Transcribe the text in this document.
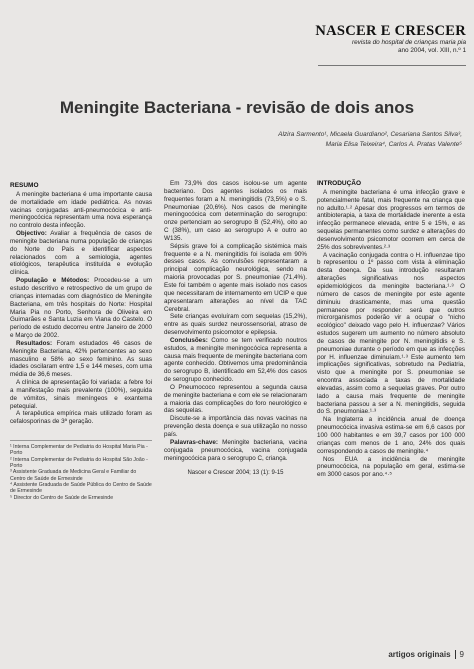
NASCER E CRESCER
revista do hospital de crianças maria pia
ano 2004, vol. XIII, n.º 1
Meningite Bacteriana - revisão de dois anos
Alzira Sarmento¹, Micaela Guardiano², Cesariana Santos Silva³,
Maria Elisa Teixeira⁴, Carlos A. Pratas Valente⁵
RESUMO

A meningite bacteriana é uma importante causa de mortalidade em idade pediátrica. As novas vacinas conjugadas anti-pneumocócica e anti-meningocócica representam uma nova esperança no controlo desta infecção.

Objectivo: Avaliar a frequência de casos de meningite bacteriana numa população de crianças do Norte do País e identificar aspectos relacionados com a semiologia, agentes etiológicos, terapêutica instituída e evolução clínica.

População e Métodos: Procedeu-se a um estudo descritivo e retrospectivo de um grupo de crianças internadas com diagnóstico de Meningite Bacteriana, em três hospitais do Norte: Hospital Maria Pia no Porto, Senhora de Oliveira em Guimarães e Santa Luzia em Viana do Castelo. O período de estudo decorreu entre Janeiro de 2000 e Março de 2002.

Resultados: Foram estudados 46 casos de Meningite Bacteriana, 42% pertencentes ao sexo masculino e 58% ao sexo feminino. As suas idades oscilaram entre 1,5 e 144 meses, com uma média de 36,6 meses.

A clínica de apresentação foi variada: a febre foi a manifestação mais prevalente (100%), seguida de vómitos, sinais meníngeos e exantema petequial.

A terapêutica empírica mais utilizado foram as cefalosporinas de 3ª geração.

¹ Interna Complementar de Pediatria do Hospital Maria Pia - Porto
² Interna Complementar de Pediatria do Hospital São João - Porto
³ Assistente Graduada de Medicina Geral e Familiar do Centro de Saúde de Ermesinde
⁴ Assistente Graduada de Saúde Pública do Centro de Saúde de Ermesinde
⁵ Director do Centro de Saúde de Ermesinde

Em 73,9% dos casos isolou-se um agente bacteriano. Dos agentes isolados os mais frequentes foram a N. meningitidis (73,5%) e o S. Pneumoniae (20,6%). Nos casos de meningite meningocócica com determinação do serogrupo: onze pertenciam ao serogrupo B (52,4%), oito ao C (38%), um caso ao serogrupo A e outro ao W135.

Sépsis grave foi a complicação sistémica mais frequente e a N. meningitidis foi isolada em 90% desses casos. As convulsões representaram a principal complicação neurológica, sendo na maioria provocadas por S. pneumoniae (71,4%). Este foi também o agente mais isolado nos casos que necessitaram de internamento em UCIP e que apresentaram alterações ao nível da TAC Cerebral.

Sete crianças evoluíram com sequelas (15,2%), entre as quais surdez neurossensorial, atraso de desenvolvimento psicomotor e epilepsia.

Conclusões: Como se tem verificado noutros estudos, a meningite meningocócica representa a causa mais frequente de meningite bacteriana com agente conhecido. Obtivemos uma predominância do serogrupo B, identificado em 52,4% dos casos de serogrupo conhecido.

O Pneumococo representou a segunda causa de meningite bacteriana e com ele se relacionaram a maioria das complicações do foro neurológico e das sequelas.

Discute-se a importância das novas vacinas na prevenção desta doença e sua utilização no nosso país.

Palavras-chave: Meningite bacteriana, vacina conjugada pneumocócica, vacina conjugada meningocócica para o serogrupo C, criança.

Nascer e Crescer 2004; 13 (1): 9-15
INTRODUÇÃO

A meningite bacteriana é uma infecção grave e potencialmente fatal, mais frequente na criança que no adulto.¹·² Apesar dos progressos em termos de antibioterapia, a taxa de mortalidade inerente a esta infecção permanece elevada, entre 5 e 15%, e as sequelas permanentes como surdez e alterações do desenvolvimento psicomotor ocorrem em cerca de 25% dos sobreviventes.²·³

A vacinação conjugada contra o H. influenzae tipo b representou o 1º passo com vista à eliminação desta doença. Da sua introdução resultaram alterações significativas nos aspectos epidemiológicos da meningite bacteriana.¹·³ O número de casos de meningite por este agente diminuiu drasticamente, mas uma questão permanece por responder: será que outros microrganismos poderão vir a ocupar o "nicho ecológico" deixado vago pelo H. influenzae? Vários estudos sugerem um aumento no número absoluto de casos de meningite por N. meningitidis e S. pneumoniae durante o período em que as infecções por H. influenzae diminuíam.¹·³ Este aumento tem implicações significativas, sobretudo na Pediatria, visto que a meningite por S. pneumoniae se encontra associada a taxas de mortalidade elevadas, assim como a sequelas graves. Por outro lado a causa mais frequente de meningite bacteriana passou a ser a N. meningitidis, seguida do S. pneumoniae.¹·³

Na Inglaterra a incidência anual de doença pneumocócica invasiva estima-se em 6,6 casos por 100 000 habitantes e em 39,7 casos por 100 000 crianças com menos de 1 ano, 24% dos quais correspondendo a casos de meningite.⁴

Nos EUA a incidência de meningite pneumocócica, na população em geral, estima-se em 3000 casos por ano.⁴·⁵

artigos originais 9
